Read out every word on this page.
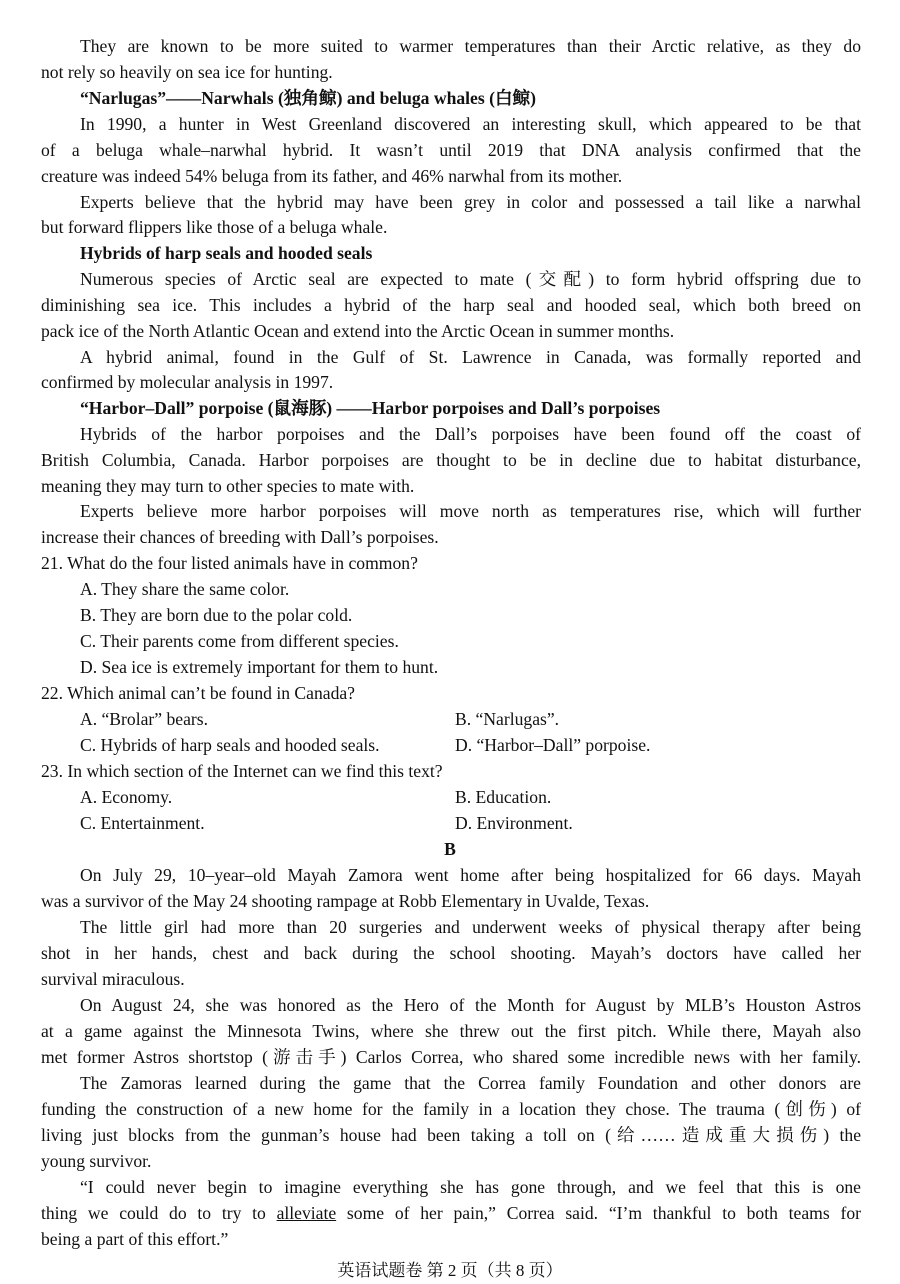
They are known to be more suited to warmer temperatures than their Arctic relative, as they do
not rely so heavily on sea ice for hunting.
“Narlugas”——Narwhals (独角鲸) and beluga whales (白鲸)
In 1990, a hunter in West Greenland discovered an interesting skull, which appeared to be that
of a beluga whale–narwhal hybrid. It wasn’t until 2019 that DNA analysis confirmed that the
creature was indeed 54% beluga from its father, and 46% narwhal from its mother.
Experts believe that the hybrid may have been grey in color and possessed a tail like a narwhal
but forward flippers like those of a beluga whale.
Hybrids of harp seals and hooded seals
Numerous species of Arctic seal are expected to mate (交配) to form hybrid offspring due to
diminishing sea ice. This includes a hybrid of the harp seal and hooded seal, which both breed on
pack ice of the North Atlantic Ocean and extend into the Arctic Ocean in summer months.
A hybrid animal, found in the Gulf of St. Lawrence in Canada, was formally reported and
confirmed by molecular analysis in 1997.
“Harbor–Dall” porpoise (鼠海豚) ——Harbor porpoises and Dall’s porpoises
Hybrids of the harbor porpoises and the Dall’s porpoises have been found off the coast of
British Columbia, Canada. Harbor porpoises are thought to be in decline due to habitat disturbance,
meaning they may turn to other species to mate with.
Experts believe more harbor porpoises will move north as temperatures rise, which will further
increase their chances of breeding with Dall’s porpoises.
21. What do the four listed animals have in common?
A. They share the same color.
B. They are born due to the polar cold.
C. Their parents come from different species.
D. Sea ice is extremely important for them to hunt.
22. Which animal can’t be found in Canada?
A. “Brolar” bears.	B. “Narlugas”.
C. Hybrids of harp seals and hooded seals.	D. “Harbor–Dall” porpoise.
23. In which section of the Internet can we find this text?
A. Economy.	B. Education.
C. Entertainment.	D. Environment.
B
On July 29, 10–year–old Mayah Zamora went home after being hospitalized for 66 days. Mayah
was a survivor of the May 24 shooting rampage at Robb Elementary in Uvalde, Texas.
The little girl had more than 20 surgeries and underwent weeks of physical therapy after being
shot in her hands, chest and back during the school shooting. Mayah’s doctors have called her
survival miraculous.
On August 24, she was honored as the Hero of the Month for August by MLB’s Houston Astros
at a game against the Minnesota Twins, where she threw out the first pitch. While there, Mayah also
met former Astros shortstop (游击手) Carlos Correa, who shared some incredible news with her family.
The Zamoras learned during the game that the Correa family Foundation and other donors are
funding the construction of a new home for the family in a location they chose. The trauma (创伤) of
living just blocks from the gunman’s house had been taking a toll on (给……造成重大损伤) the
young survivor.
“I could never begin to imagine everything she has gone through, and we feel that this is one
thing we could do to try to alleviate some of her pain,” Correa said. “I’m thankful to both teams for
being a part of this effort.”
英语试题卷 第 2 页（共 8 页）
